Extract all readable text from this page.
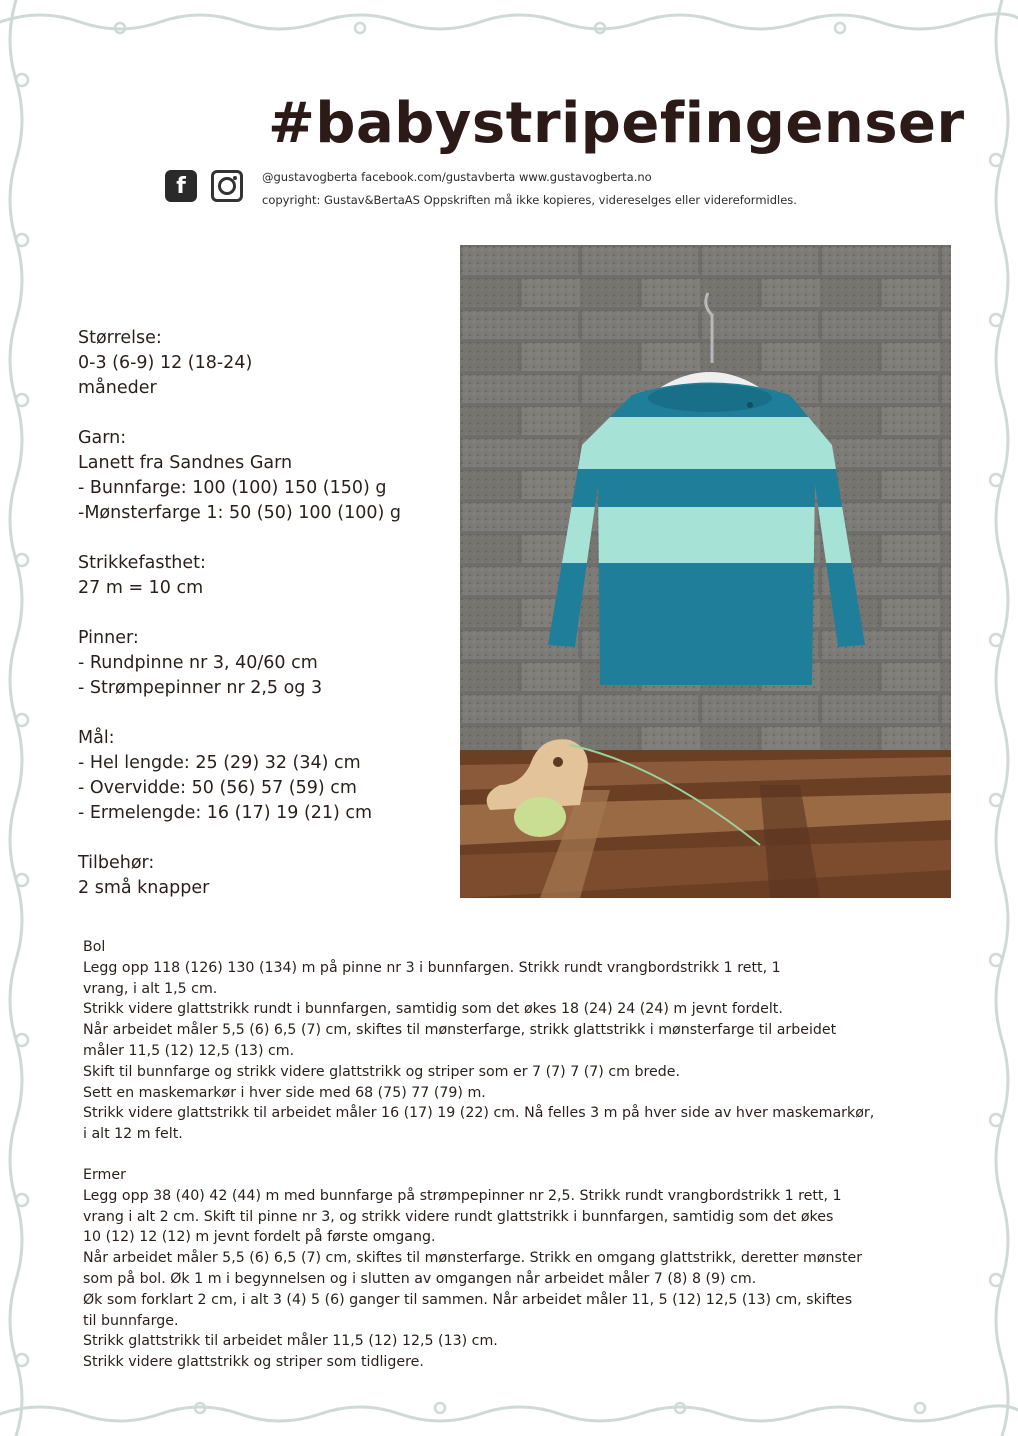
#babystripefingenser
f	@gustavogberta facebook.com/gustavberta www.gustavogberta.no
copyright: Gustav&BertaAS Oppskriften må ikke kopieres, videreselges eller videreformidles.
Størrelse:
0-3 (6-9) 12 (18-24)
måneder
Garn:
Lanett fra Sandnes Garn
- Bunnfarge: 100 (100) 150 (150) g
-Mønsterfarge 1: 50 (50) 100 (100) g
Strikkefasthet:
27 m = 10 cm
Pinner:
- Rundpinne nr 3, 40/60 cm
- Strømpepinner nr 2,5 og 3
Mål:
- Hel lengde: 25 (29) 32 (34) cm
- Overvidde: 50 (56) 57 (59) cm
- Ermelengde: 16 (17) 19 (21) cm
Tilbehør:
2 små knapper

Bol

Legg opp 118 (126) 130 (134) m på pinne nr 3 i bunnfargen. Strikk rundt vrangbordstrikk 1 rett, 1

vrang, i alt 1,5 cm.

Strikk videre glattstrikk rundt i bunnfargen, samtidig som det økes 18 (24) 24 (24) m jevnt fordelt.

Når arbeidet måler 5,5 (6) 6,5 (7) cm, skiftes til mønsterfarge, strikk glattstrikk i mønsterfarge til arbeidet

måler 11,5 (12) 12,5 (13) cm.

Skift til bunnfarge og strikk videre glattstrikk og striper som er 7 (7) 7 (7) cm brede.

Sett en maskemarkør i hver side med 68 (75) 77 (79) m.

Strikk videre glattstrikk til arbeidet måler 16 (17) 19 (22) cm. Nå felles 3 m på hver side av hver maskemarkør,

i alt 12 m felt.

Ermer

Legg opp 38 (40) 42 (44) m med bunnfarge på strømpepinner nr 2,5. Strikk rundt vrangbordstrikk 1 rett, 1

vrang i alt 2 cm. Skift til pinne nr 3, og strikk videre rundt glattstrikk i bunnfargen, samtidig som det økes

10 (12) 12 (12) m jevnt fordelt på første omgang.

Når arbeidet måler 5,5 (6) 6,5 (7) cm, skiftes til mønsterfarge. Strikk en omgang glattstrikk, deretter mønster

som på bol. Øk 1 m i begynnelsen og i slutten av omgangen når arbeidet måler 7 (8) 8 (9) cm.

Øk som forklart 2 cm, i alt 3 (4) 5 (6) ganger til sammen. Når arbeidet måler 11, 5 (12) 12,5 (13) cm, skiftes

til bunnfarge.

Strikk glattstrikk til arbeidet måler 11,5 (12) 12,5 (13) cm.

Strikk videre glattstrikk og striper som tidligere.
